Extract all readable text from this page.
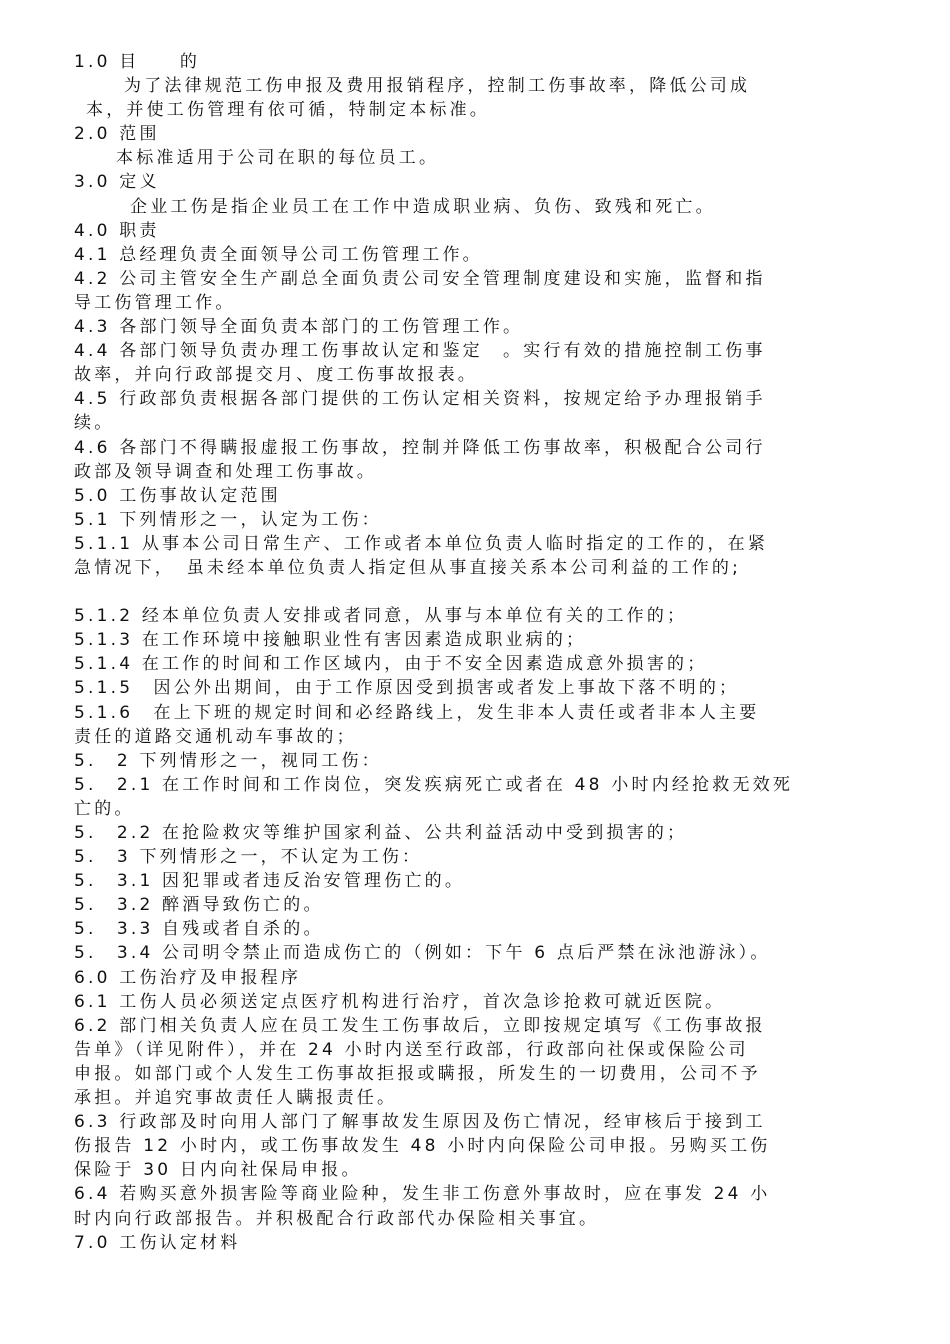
1.0 目　　的
为了法律规范工伤申报及费用报销程序，控制工伤事故率，降低公司成
本，并使工伤管理有依可循，特制定本标准。
2.0 范围
本标准适用于公司在职的每位员工。
3.0 定义
企业工伤是指企业员工在工作中造成职业病、负伤、致残和死亡。
4.0 职责
4.1 总经理负责全面领导公司工伤管理工作。
4.2 公司主管安全生产副总全面负责公司安全管理制度建设和实施，监督和指
导工伤管理工作。
4.3 各部门领导全面负责本部门的工伤管理工作。
4.4 各部门领导负责办理工伤事故认定和鉴定　。实行有效的措施控制工伤事
故率，并向行政部提交月、度工伤事故报表。
4.5 行政部负责根据各部门提供的工伤认定相关资料，按规定给予办理报销手
续。
4.6 各部门不得瞒报虚报工伤事故，控制并降低工伤事故率，积极配合公司行
政部及领导调查和处理工伤事故。
5.0 工伤事故认定范围
5.1 下列情形之一，认定为工伤：
5.1.1 从事本公司日常生产、工作或者本单位负责人临时指定的工作的，在紧
急情况下，　虽未经本单位负责人指定但从事直接关系本公司利益的工作的;
5.1.2 经本单位负责人安排或者同意，从事与本单位有关的工作的；
5.1.3 在工作环境中接触职业性有害因素造成职业病的；
5.1.4 在工作的时间和工作区域内，由于不安全因素造成意外损害的；
5.1.5　因公外出期间，由于工作原因受到损害或者发上事故下落不明的；
5.1.6　在上下班的规定时间和必经路线上，发生非本人责任或者非本人主要
责任的道路交通机动车事故的；
5.　2 下列情形之一，视同工伤：
5.　2.1 在工作时间和工作岗位，突发疾病死亡或者在 48 小时内经抢救无效死
亡的。
5.　2.2 在抢险救灾等维护国家利益、公共利益活动中受到损害的；
5.　3 下列情形之一，不认定为工伤：
5.　3.1 因犯罪或者违反治安管理伤亡的。
5.　3.2 醉酒导致伤亡的。
5.　3.3 自残或者自杀的。
5.　3.4 公司明令禁止而造成伤亡的（例如：下午 6 点后严禁在泳池游泳）。
6.0 工伤治疗及申报程序
6.1 工伤人员必须送定点医疗机构进行治疗，首次急诊抢救可就近医院。
6.2 部门相关负责人应在员工发生工伤事故后，立即按规定填写《工伤事故报
告单》（详见附件），并在 24 小时内送至行政部，行政部向社保或保险公司
申报。如部门或个人发生工伤事故拒报或瞒报，所发生的一切费用，公司不予
承担。并追究事故责任人瞒报责任。
6.3 行政部及时向用人部门了解事故发生原因及伤亡情况，经审核后于接到工
伤报告 12 小时内，或工伤事故发生 48 小时内向保险公司申报。另购买工伤
保险于 30 日内向社保局申报。
6.4 若购买意外损害险等商业险种，发生非工伤意外事故时，应在事发 24 小
时内向行政部报告。并积极配合行政部代办保险相关事宜。
7.0 工伤认定材料
